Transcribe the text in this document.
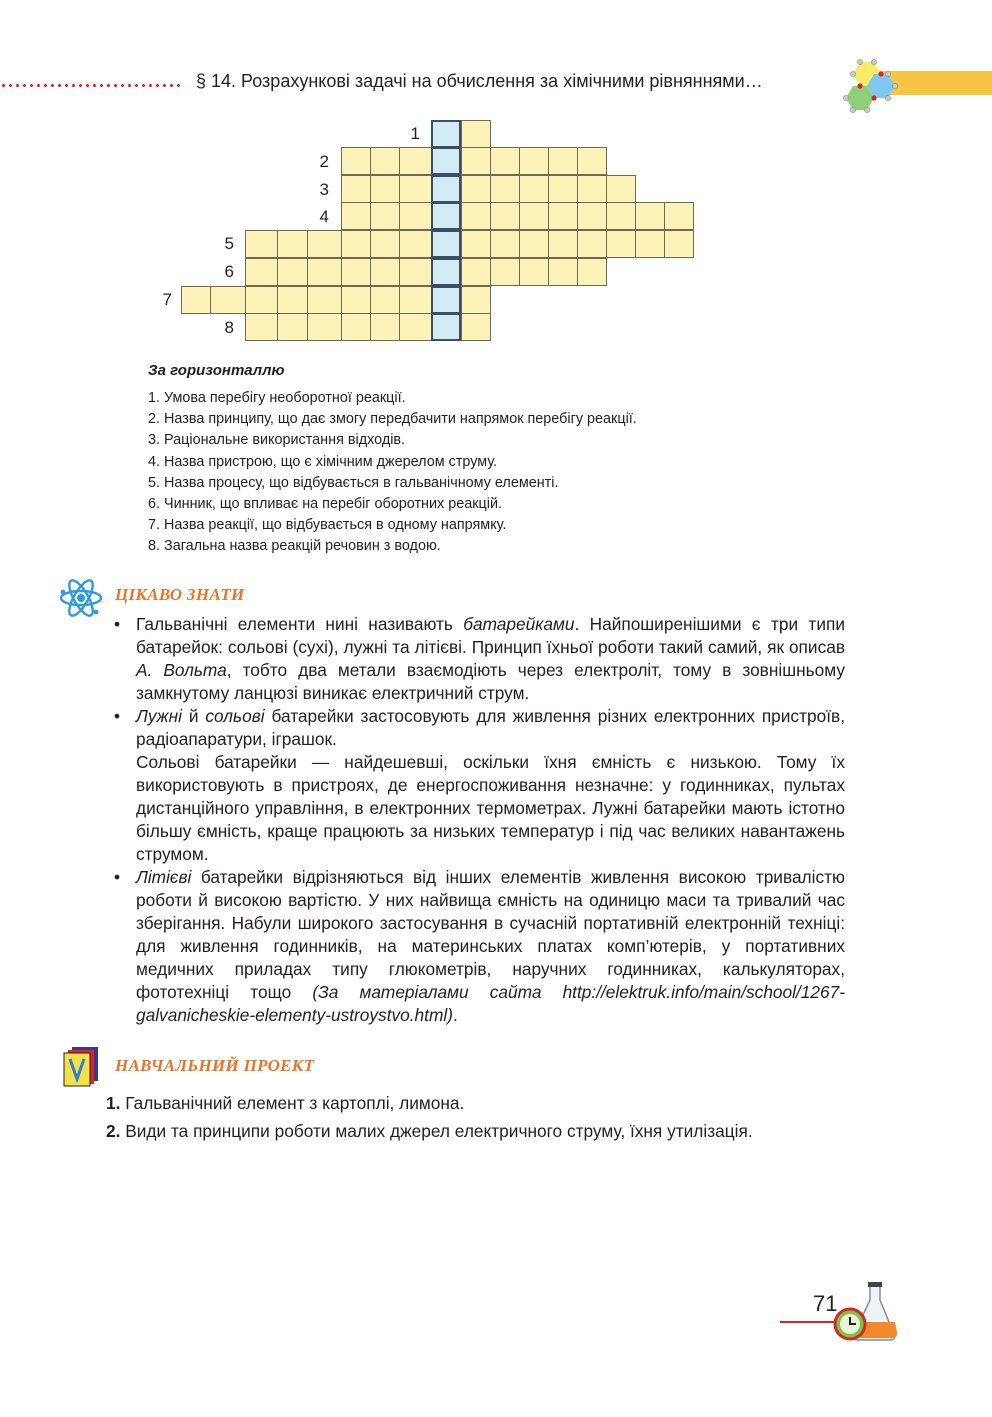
§ 14. Розрахункові задачі на обчислення за хімічними рівняннями…
1
2
3
4
5
6
7
8
За горизонталлю
1. Умова перебігу необоротної реакції.
2. Назва принципу, що дає змогу передбачити напрямок перебігу реакції.
3. Раціональне використання відходів.
4. Назва пристрою, що є хімічним джерелом струму.
5. Назва процесу, що відбувається в гальванічному елементі.
6. Чинник, що впливає на перебіг оборотних реакцій.
7. Назва реакції, що відбувається в одному напрямку.
8. Загальна назва реакцій речовин з водою.
ЦІКАВО ЗНАТИ
• Гальванічні елементи нині називають батарейками. Найпоширенішими є три типи батарейок: сольові (сухі), лужні та літієві. Принцип їхньої роботи такий самий, як описав А. Вольта, тобто два метали взаємодіють через електроліт, тому в зовнішньому замкнутому ланцюзі виникає електричний струм.

• Лужні й сольові батарейки застосовують для живлення різних електронних пристроїв, радіоапаратури, іграшок.

Сольові батарейки — найдешевші, оскільки їхня ємність є низькою. Тому їх використовують в пристроях, де енергоспоживання незначне: у годинниках, пультах дистанційного управління, в електронних термометрах. Лужні батарейки мають істотно більшу ємність, краще працюють за низьких температур і під час великих навантажень струмом.

• Літієві батарейки відрізняються від інших елементів живлення високою тривалістю роботи й високою вартістю. У них найвища ємність на одиницю маси та тривалий час зберігання. Набули широкого застосування в сучасній портативній електронній техніці: для живлення годинників, на материнських платах комп’ютерів, у портативних медичних приладах типу глюкометрів, наручних годинниках, калькуляторах, фототехніці тощо (За матеріалами сайта http://elektruk.info/main/school/1267-galvanicheskie-elementy-ustroystvo.html).
НАВЧАЛЬНИЙ ПРОЕКТ
1. Гальванічний елемент з картоплі, лимона.
2. Види та принципи роботи малих джерел електричного струму, їхня утилізація.
71
